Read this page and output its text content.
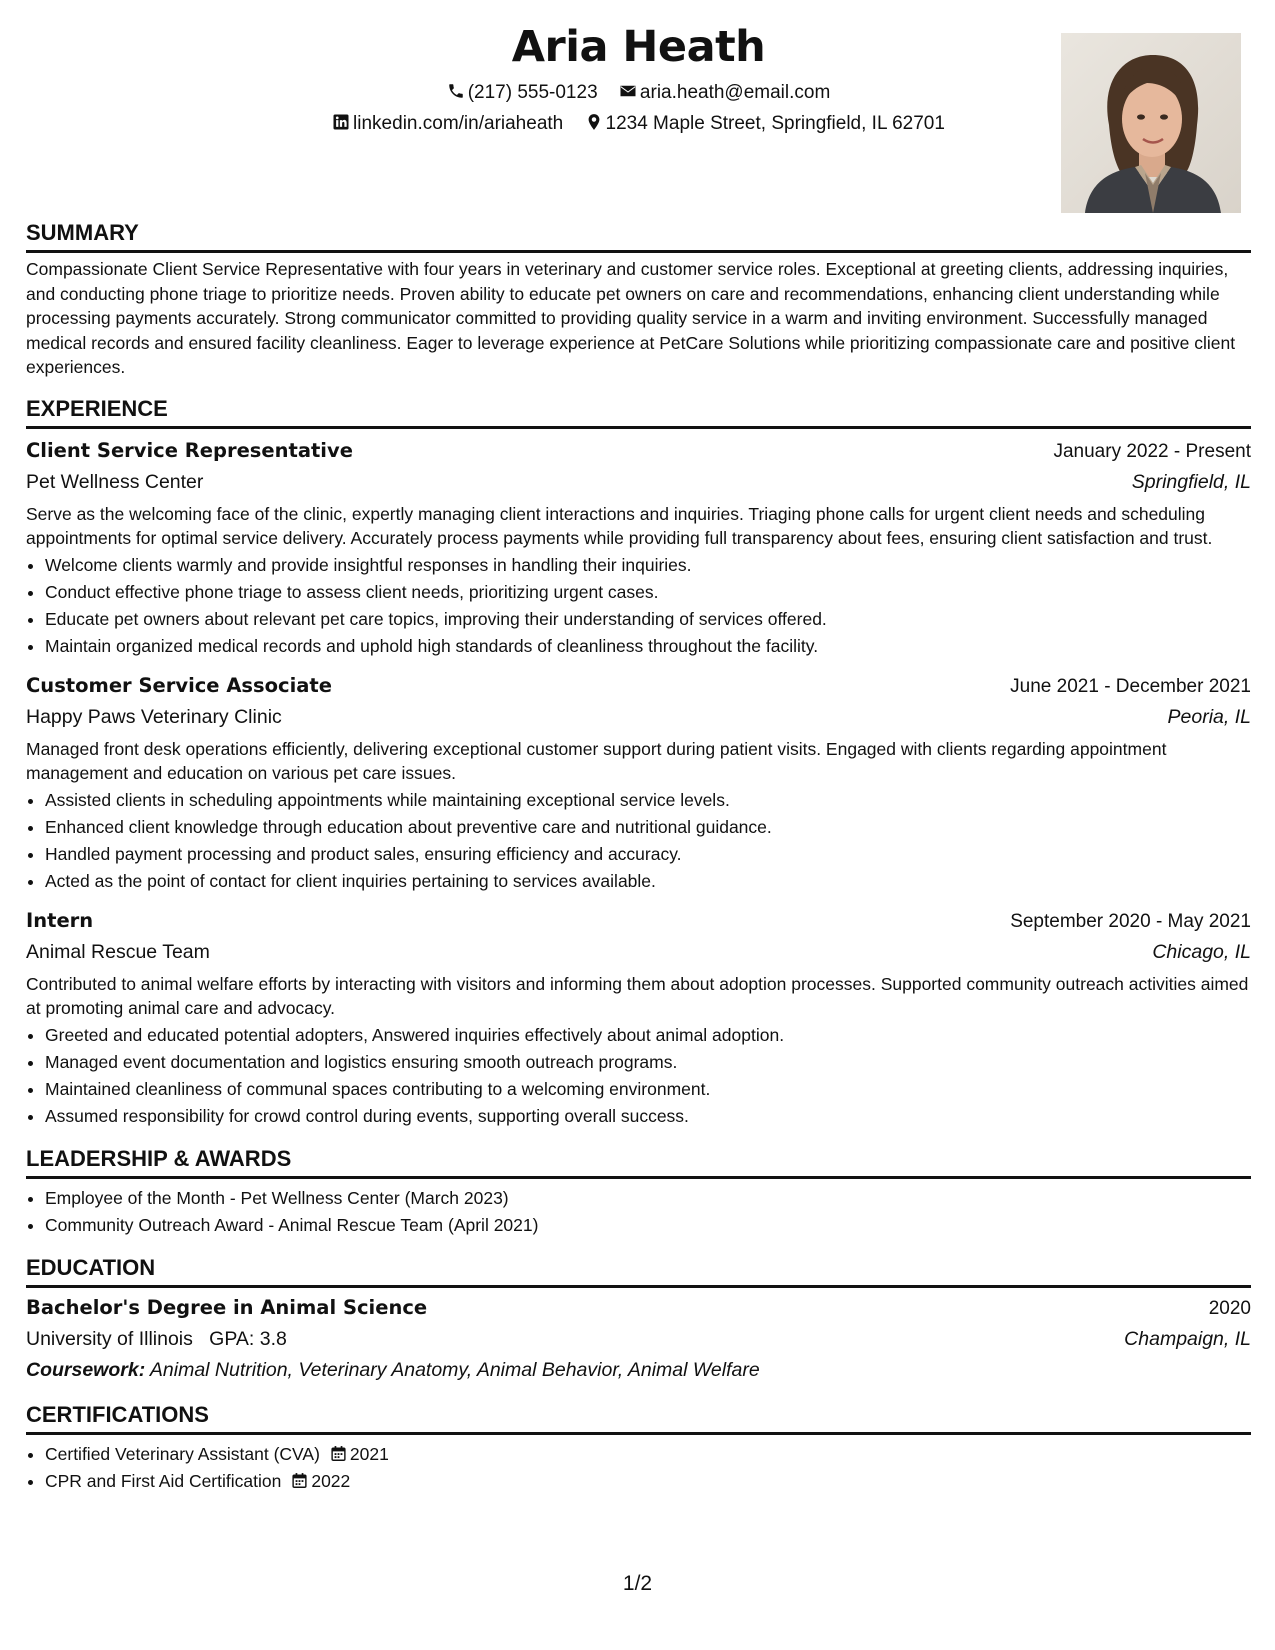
Aria Heath
(217) 555-0123 aria.heath@email.com
linkedin.com/in/ariaheath 1234 Maple Street, Springfield, IL 62701
SUMMARY

Compassionate Client Service Representative with four years in veterinary and customer service roles. Exceptional at greeting clients, addressing inquiries, and conducting phone triage to prioritize needs. Proven ability to educate pet owners on care and recommendations, enhancing client understanding while processing payments accurately. Strong communicator committed to providing quality service in a warm and inviting environment. Successfully managed medical records and ensured facility cleanliness. Eager to leverage experience at PetCare Solutions while prioritizing compassionate care and positive client experiences.

EXPERIENCE
Client Service Representative	January 2022 - Present
Pet Wellness Center	Springfield, IL

Serve as the welcoming face of the clinic, expertly managing client interactions and inquiries. Triaging phone calls for urgent client needs and scheduling appointments for optimal service delivery. Accurately process payments while providing full transparency about fees, ensuring client satisfaction and trust.

• Welcome clients warmly and provide insightful responses in handling their inquiries.
• Conduct effective phone triage to assess client needs, prioritizing urgent cases.
• Educate pet owners about relevant pet care topics, improving their understanding of services offered.
• Maintain organized medical records and uphold high standards of cleanliness throughout the facility.
Customer Service Associate	June 2021 - December 2021
Happy Paws Veterinary Clinic	Peoria, IL

Managed front desk operations efficiently, delivering exceptional customer support during patient visits. Engaged with clients regarding appointment management and education on various pet care issues.

• Assisted clients in scheduling appointments while maintaining exceptional service levels.
• Enhanced client knowledge through education about preventive care and nutritional guidance.
• Handled payment processing and product sales, ensuring efficiency and accuracy.
• Acted as the point of contact for client inquiries pertaining to services available.
Intern	September 2020 - May 2021
Animal Rescue Team	Chicago, IL

Contributed to animal welfare efforts by interacting with visitors and informing them about adoption processes. Supported community outreach activities aimed at promoting animal care and advocacy.

• Greeted and educated potential adopters, Answered inquiries effectively about animal adoption.
• Managed event documentation and logistics ensuring smooth outreach programs.
• Maintained cleanliness of communal spaces contributing to a welcoming environment.
• Assumed responsibility for crowd control during events, supporting overall success.
LEADERSHIP & AWARDS
• Employee of the Month - Pet Wellness Center (March 2023)
• Community Outreach Award - Animal Rescue Team (April 2021)
EDUCATION
Bachelor's Degree in Animal Science	2020
University of Illinois GPA: 3.8	Champaign, IL
Coursework: Animal Nutrition, Veterinary Anatomy, Animal Behavior, Animal Welfare
CERTIFICATIONS
• Certified Veterinary Assistant (CVA) 2021
• CPR and First Aid Certification 2022
1/2
